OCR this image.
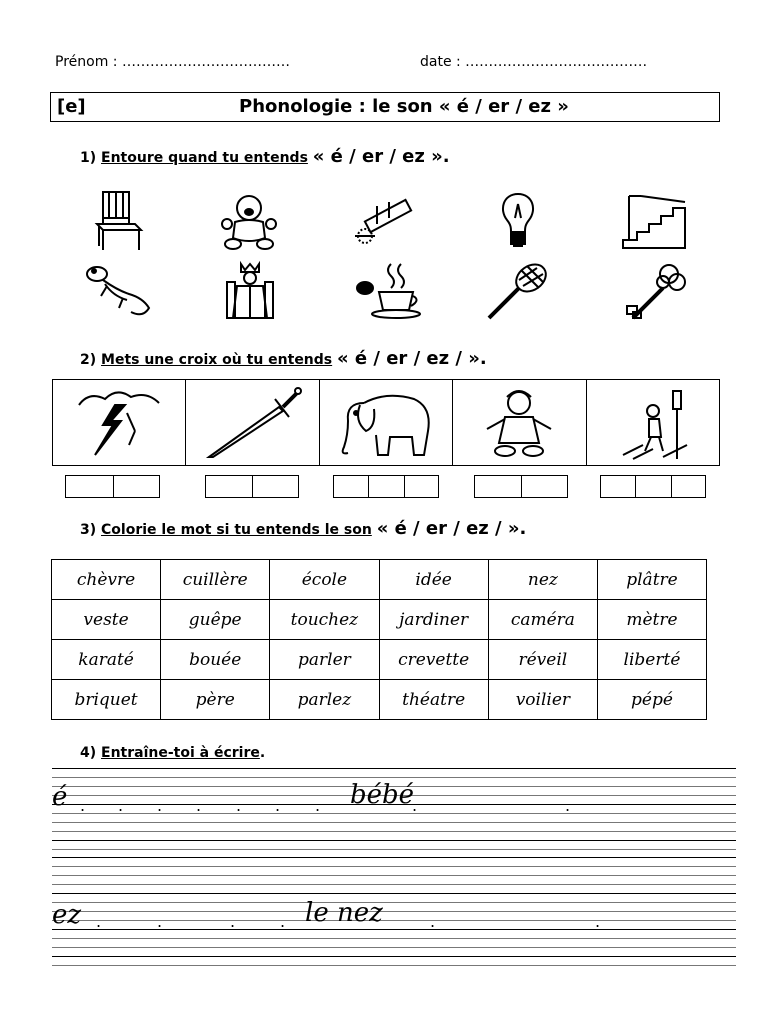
Prénom : ………………………………	date : …………………………………
[e]	Phonologie : le son « é / er / ez »
1) Entoure quand tu entends « é / er / ez ».
2) Mets une croix où tu entends « é / er / ez / ».
3) Colorie le mot si tu entends le son « é / er / ez / ».
chèvre	cuillère	école	idée	nez	plâtre
veste	guêpe	touchez	jardiner	caméra	mètre
karaté	bouée	parler	crevette	réveil	liberté
briquet	père	parlez	théatre	voilier	pépé
4) Entraîne-toi à écrire.
é . . . . . . . bébé
.	.
ez .	.	.	. le nez	.	.
